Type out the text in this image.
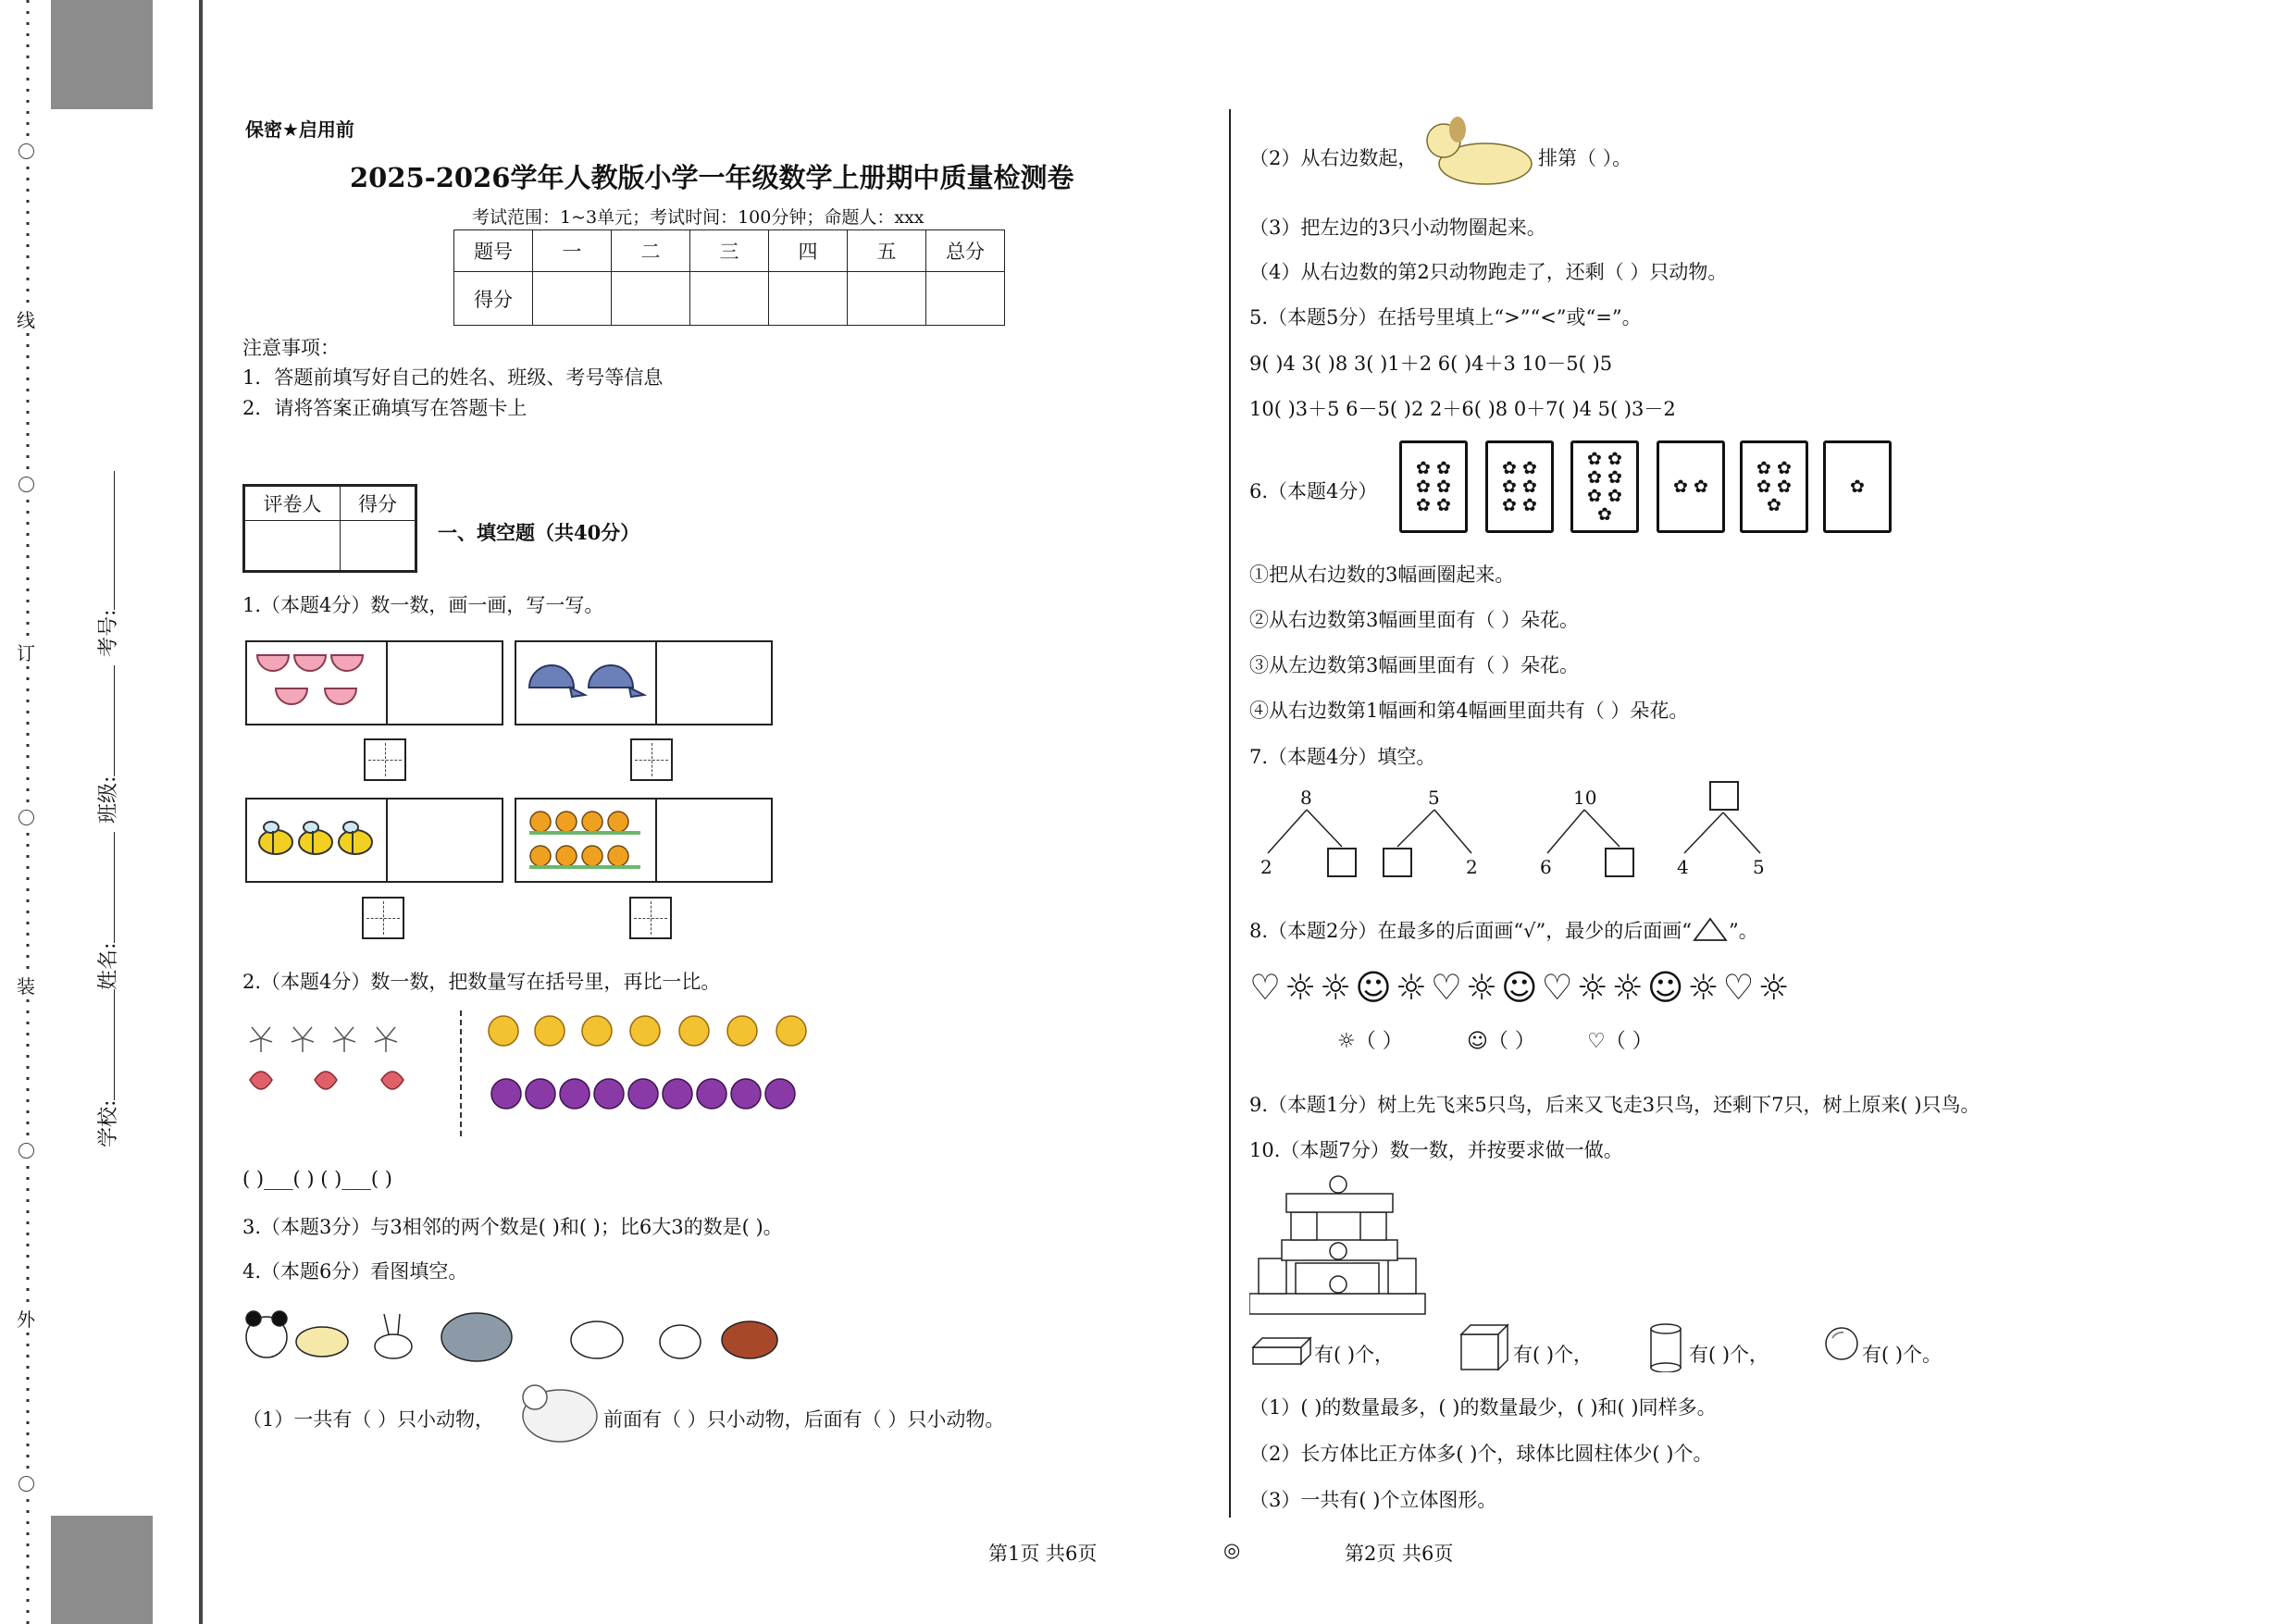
线
订
装
外
学校:
姓名:
班级:
考号:
保密★启用前
2025-2026学年人教版小学一年级数学上册期中质量检测卷
考试范围：1~3单元；考试时间：100分钟；命题人：xxx
题号	一	二	三	四	五	总分
得分						
注意事项：
1．答题前填写好自己的姓名、班级、考号等信息
2．请将答案正确填写在答题卡上
评卷人	得分

一、填空题（共40分）
1.（本题4分）数一数，画一画，写一写。
2.（本题4分）数一数，把数量写在括号里，再比一比。
( )___( ) ( )___( )
3.（本题3分）与3相邻的两个数是( )和( )；比6大3的数是( )。
4.（本题6分）看图填空。
（1）一共有（ ）只小动物，	前面有（ ）只小动物，后面有（ ）只小动物。
（2）从右边数起，	排第（ ）。
（3）把左边的3只小动物圈起来。
（4）从右边数的第2只动物跑走了，还剩（ ）只动物。
5.（本题5分）在括号里填上“>”“<”或“=”。
9( )4 3( )8 3( )1＋2 6( )4＋3 10－5( )5
10( )3＋5 6－5( )2 2＋6( )8 0＋7( )4 5( )3－2
6.（本题4分）
✿ ✿
✿ ✿
✿ ✿
✿ ✿
✿ ✿
✿ ✿
✿ ✿
✿ ✿
✿ ✿
✿
✿ ✿
✿ ✿
✿ ✿
✿
✿
①把从右边数的3幅画圈起来。
②从右边数第3幅画里面有（ ）朵花。
③从左边数第3幅画里面有（ ）朵花。
④从右边数第1幅画和第4幅画里面共有（ ）朵花。
7.（本题4分）填空。
8
2
5
2
10
6	4	5
8.（本题2分）在最多的后面画“√”，最少的后面画“ ”。
♡☼☼☺☼♡☼☺♡☼☼☺☼♡☼
☼（ ）	☺（ ）	♡（ ）
9.（本题1分）树上先飞来5只鸟，后来又飞走3只鸟，还剩下7只，树上原来( )只鸟。
10.（本题7分）数一数，并按要求做一做。
有( )个，	有( )个，	有( )个，	有( )个。
（1）( )的数量最多，( )的数量最少，( )和( )同样多。
（2）长方体比正方体多( )个，球体比圆柱体少( )个。
（3）一共有( )个立体图形。
第1页 共6页	◎	第2页 共6页
